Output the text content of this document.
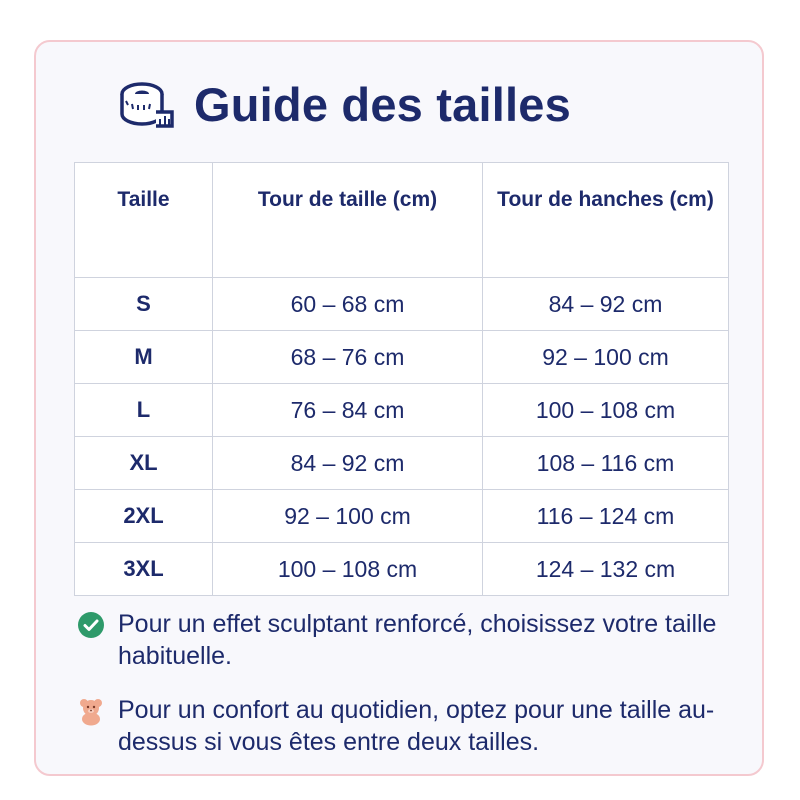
Guide des tailles
Taille	Tour de taille (cm)	Tour de hanches (cm)
S	60 – 68 cm	84 – 92 cm
M	68 – 76 cm	92 – 100 cm
L	76 – 84 cm	100 – 108 cm
XL	84 – 92 cm	108 – 116 cm
2XL	92 – 100 cm	116 – 124 cm
3XL	100 – 108 cm	124 – 132 cm
Pour un effet sculptant renforcé, choisissez votre taille habituelle.
Pour un confort au quotidien, optez pour une taille au-dessus si vous êtes entre deux tailles.
